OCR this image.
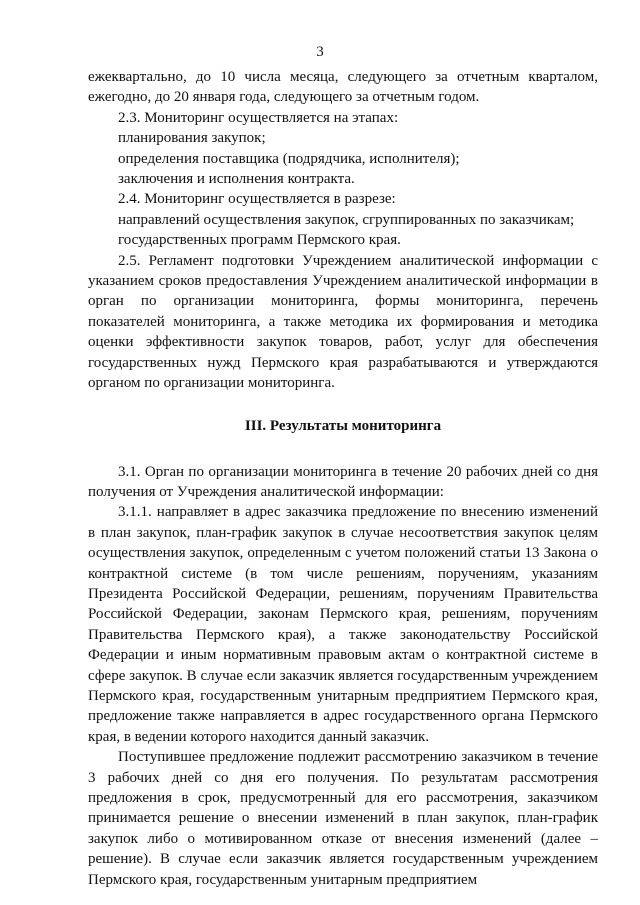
3

ежеквартально, до 10 числа месяца, следующего за отчетным кварталом, ежегодно, до 20 января года, следующего за отчетным годом.

2.3. Мониторинг осуществляется на этапах:

планирования закупок;

определения поставщика (подрядчика, исполнителя);

заключения и исполнения контракта.

2.4. Мониторинг осуществляется в разрезе:

направлений осуществления закупок, сгруппированных по заказчикам;

государственных программ Пермского края.

2.5. Регламент подготовки Учреждением аналитической информации с указанием сроков предоставления Учреждением аналитической информации в орган по организации мониторинга, формы мониторинга, перечень показателей мониторинга, а также методика их формирования и методика оценки эффективности закупок товаров, работ, услуг для обеспечения государственных нужд Пермского края разрабатываются и утверждаются органом по организации мониторинга.

III. Результаты мониторинга

3.1. Орган по организации мониторинга в течение 20 рабочих дней со дня получения от Учреждения аналитической информации:

3.1.1. направляет в адрес заказчика предложение по внесению изменений в план закупок, план-график закупок в случае несоответствия закупок целям осуществления закупок, определенным с учетом положений статьи 13 Закона о контрактной системе (в том числе решениям, поручениям, указаниям Президента Российской Федерации, решениям, поручениям Правительства Российской Федерации, законам Пермского края, решениям, поручениям Правительства Пермского края), а также законодательству Российской Федерации и иным нормативным правовым актам о контрактной системе в сфере закупок. В случае если заказчик является государственным учреждением Пермского края, государственным унитарным предприятием Пермского края, предложение также направляется в адрес государственного органа Пермского края, в ведении которого находится данный заказчик.

Поступившее предложение подлежит рассмотрению заказчиком в течение 3 рабочих дней со дня его получения. По результатам рассмотрения предложения в срок, предусмотренный для его рассмотрения, заказчиком принимается решение о внесении изменений в план закупок, план-график закупок либо о мотивированном отказе от внесения изменений (далее – решение). В случае если заказчик является государственным учреждением Пермского края, государственным унитарным предприятием
